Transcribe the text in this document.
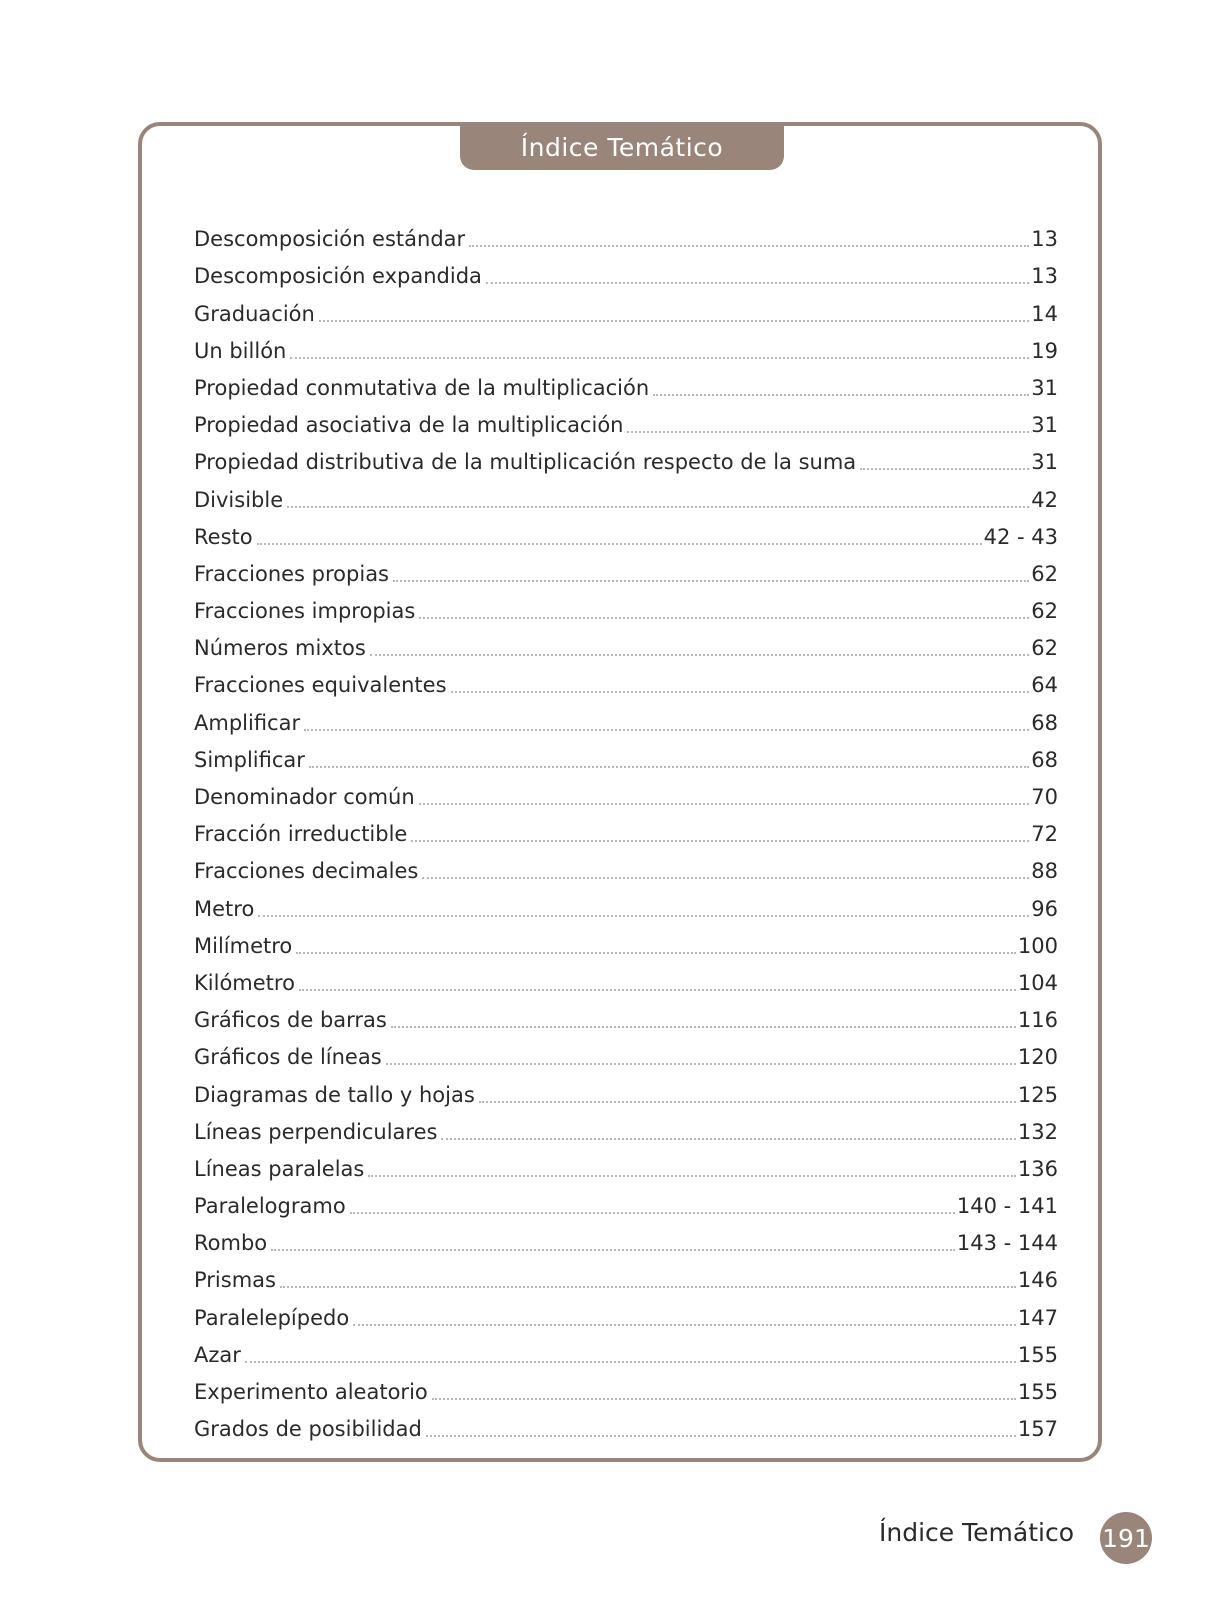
Índice Temático
Descomposición estándar	13
Descomposición expandida	13
Graduación	14
Un billón	19
Propiedad conmutativa de la multiplicación	31
Propiedad asociativa de la multiplicación	31
Propiedad distributiva de la multiplicación respecto de la suma	31
Divisible	42
Resto	42 - 43
Fracciones propias	62
Fracciones impropias	62
Números mixtos	62
Fracciones equivalentes	64
Amplificar	68
Simplificar	68
Denominador común	70
Fracción irreductible	72
Fracciones decimales	88
Metro	96
Milímetro	100
Kilómetro	104
Gráficos de barras	116
Gráficos de líneas	120
Diagramas de tallo y hojas	125
Líneas perpendiculares	132
Líneas paralelas	136
Paralelogramo	140 - 141
Rombo	143 - 144
Prismas	146
Paralelepípedo	147
Azar	155
Experimento aleatorio	155
Grados de posibilidad	157
Índice Temático 191
